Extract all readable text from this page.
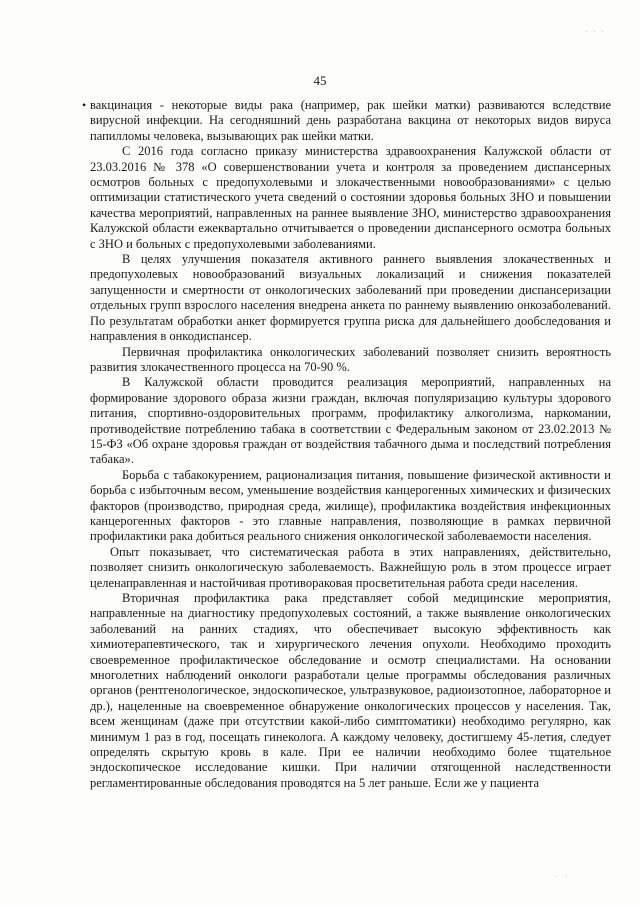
· · ·
45
• вакцинация - некоторые виды рака (например, рак шейки матки) развиваются вследствие вирусной инфекции. На сегодняшний день разработана вакцина от некоторых видов вируса папилломы человека, вызывающих рак шейки матки.

С 2016 года согласно приказу министерства здравоохранения Калужской области от 23.03.2016 № 378 «О совершенствовании учета и контроля за проведением диспансерных осмотров больных с предопухолевыми и злокачественными новообразованиями» с целью оптимизации статистического учета сведений о состоянии здоровья больных ЗНО и повышении качества мероприятий, направленных на раннее выявление ЗНО, министерство здравоохранения Калужской области ежеквартально отчитывается о проведении диспансерного осмотра больных с ЗНО и больных с предопухолевыми заболеваниями.

В целях улучшения показателя активного раннего выявления злокачественных и предопухолевых новообразований визуальных локализаций и снижения показателей запущенности и смертности от онкологических заболеваний при проведении диспансеризации отдельных групп взрослого населения внедрена анкета по раннему выявлению онкозаболеваний. По результатам обработки анкет формируется группа риска для дальнейшего дообследования и направления в онкодиспансер.

Первичная профилактика онкологических заболеваний позволяет снизить вероятность развития злокачественного процесса на 70-90 %.

В Калужской области проводится реализация мероприятий, направленных на формирование здорового образа жизни граждан, включая популяризацию культуры здорового питания, спортивно-оздоровительных программ, профилактику алкоголизма, наркомании, противодействие потреблению табака в соответствии с Федеральным законом от 23.02.2013 № 15-ФЗ «Об охране здоровья граждан от воздействия табачного дыма и последствий потребления табака».

Борьба с табакокурением, рационализация питания, повышение физической активности и борьба с избыточным весом, уменьшение воздействия канцерогенных химических и физических факторов (производство, природная среда, жилище), профилактика воздействия инфекционных канцерогенных факторов - это главные направления, позволяющие в рамках первичной профилактики рака добиться реального снижения онкологической заболеваемости населения.

Опыт показывает, что систематическая работа в этих направлениях, действительно, позволяет снизить онкологическую заболеваемость. Важнейшую роль в этом процессе играет целенаправленная и настойчивая противораковая просветительная работа среди населения.

Вторичная профилактика рака представляет собой медицинские мероприятия, направленные на диагностику предопухолевых состояний, а также выявление онкологических заболеваний на ранних стадиях, что обеспечивает высокую эффективность как химиотерапевтического, так и хирургического лечения опухоли. Необходимо проходить своевременное профилактическое обследование и осмотр специалистами. На основании многолетних наблюдений онкологи разработали целые программы обследования различных органов (рентгенологическое, эндоскопическое, ультразвуковое, радиоизотопное, лабораторное и др.), нацеленные на своевременное обнаружение онкологических процессов у населения. Так, всем женщинам (даже при отсутствии какой-либо симптоматики) необходимо регулярно, как минимум 1 раз в год, посещать гинеколога. А каждому человеку, достигшему 45-летия, следует определять скрытую кровь в кале. При ее наличии необходимо более тщательное эндоскопическое исследование кишки. При наличии отягощенной наследственности регламентированные обследования проводятся на 5 лет раньше. Если же у пациента

· ·
